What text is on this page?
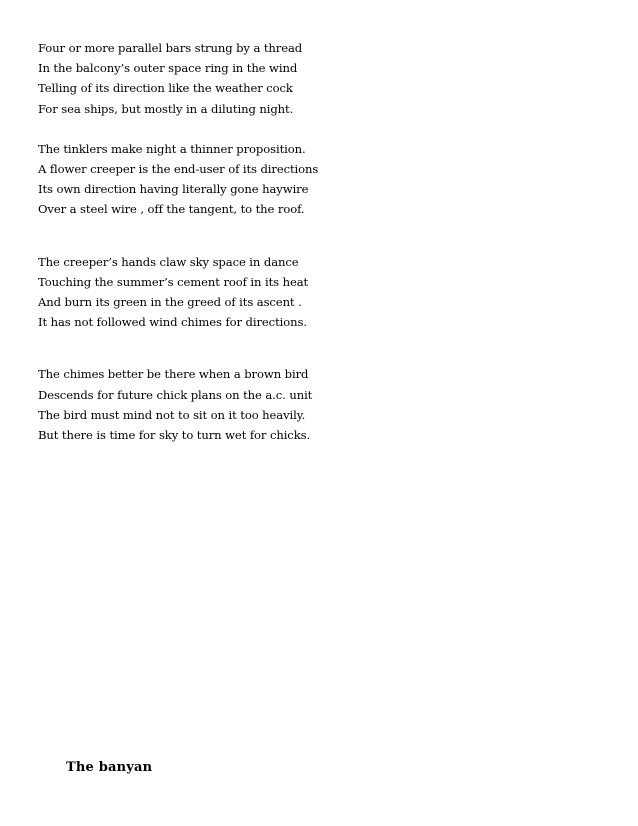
Four or more parallel bars strung by a thread
In the balcony’s outer space ring in the wind
Telling of its direction like the weather cock
For sea ships, but mostly in a diluting night.
The tinklers make night a thinner proposition.
A flower creeper is the end-user of its directions
Its own direction having literally gone haywire
Over a steel wire , off the tangent, to the roof.
The creeper’s hands claw sky space in dance
Touching the summer’s cement roof in its heat
And burn its green in the greed of its ascent .
It has not followed wind chimes for directions.
The chimes better be there when a brown bird
Descends for future chick plans on the a.c. unit
The bird must mind not to sit on it too heavily.
But there is time for sky to turn wet for chicks.
The banyan
